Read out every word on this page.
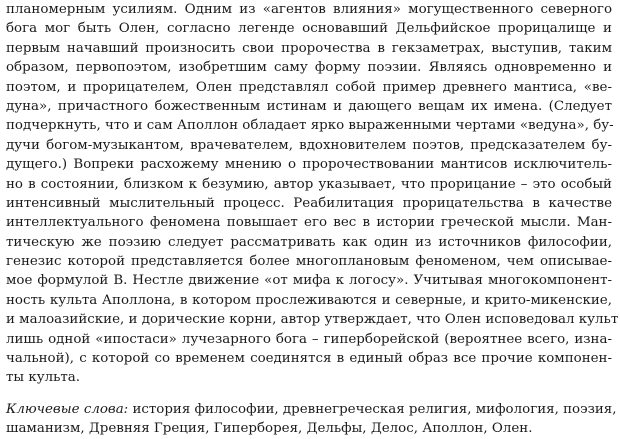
планомерным усилиям. Одним из «агентов влияния» могущественного северного
бога мог быть Олен, согласно легенде основавший Дельфийское прорицалище и
первым начавший произносить свои пророчества в гекзаметрах, выступив, таким
образом, первопоэтом, изобретшим саму форму поэзии. Являясь одновременно и
поэтом, и прорицателем, Олен представлял собой пример древнего мантиса, «ве-
дуна», причастного божественным истинам и дающего вещам их имена. (Следует
подчеркнуть, что и сам Аполлон обладает ярко выраженными чертами «ведуна», бу-
дучи богом-музыкантом, врачевателем, вдохновителем поэтов, предсказателем бу-
дущего.) Вопреки расхожему мнению о пророчествовании мантисов исключитель-
но в состоянии, близком к безумию, автор указывает, что прорицание – это особый
интенсивный мыслительный процесс. Реабилитация прорицательства в качестве
интеллектуального феномена повышает его вес в истории греческой мысли. Ман-
тическую же поэзию следует рассматривать как один из источников философии,
генезис которой представляется более многоплановым феноменом, чем описывае-
мое формулой В. Нестле движение «от мифа к логосу». Учитывая многокомпонент-
ность культа Аполлона, в котором прослеживаются и северные, и крито-микенские,
и малоазийские, и дорические корни, автор утверждает, что Олен исповедовал культ
лишь одной «ипостаси» лучезарного бога – гиперборейской (вероятнее всего, изна-
чальной), с которой со временем соединятся в единый образ все прочие компонен-
ты культа.
Ключевые слова: история философии, древнегреческая религия, мифология, поэзия,
шаманизм, Древняя Греция, Гиперборея, Дельфы, Делос, Аполлон, Олен.
